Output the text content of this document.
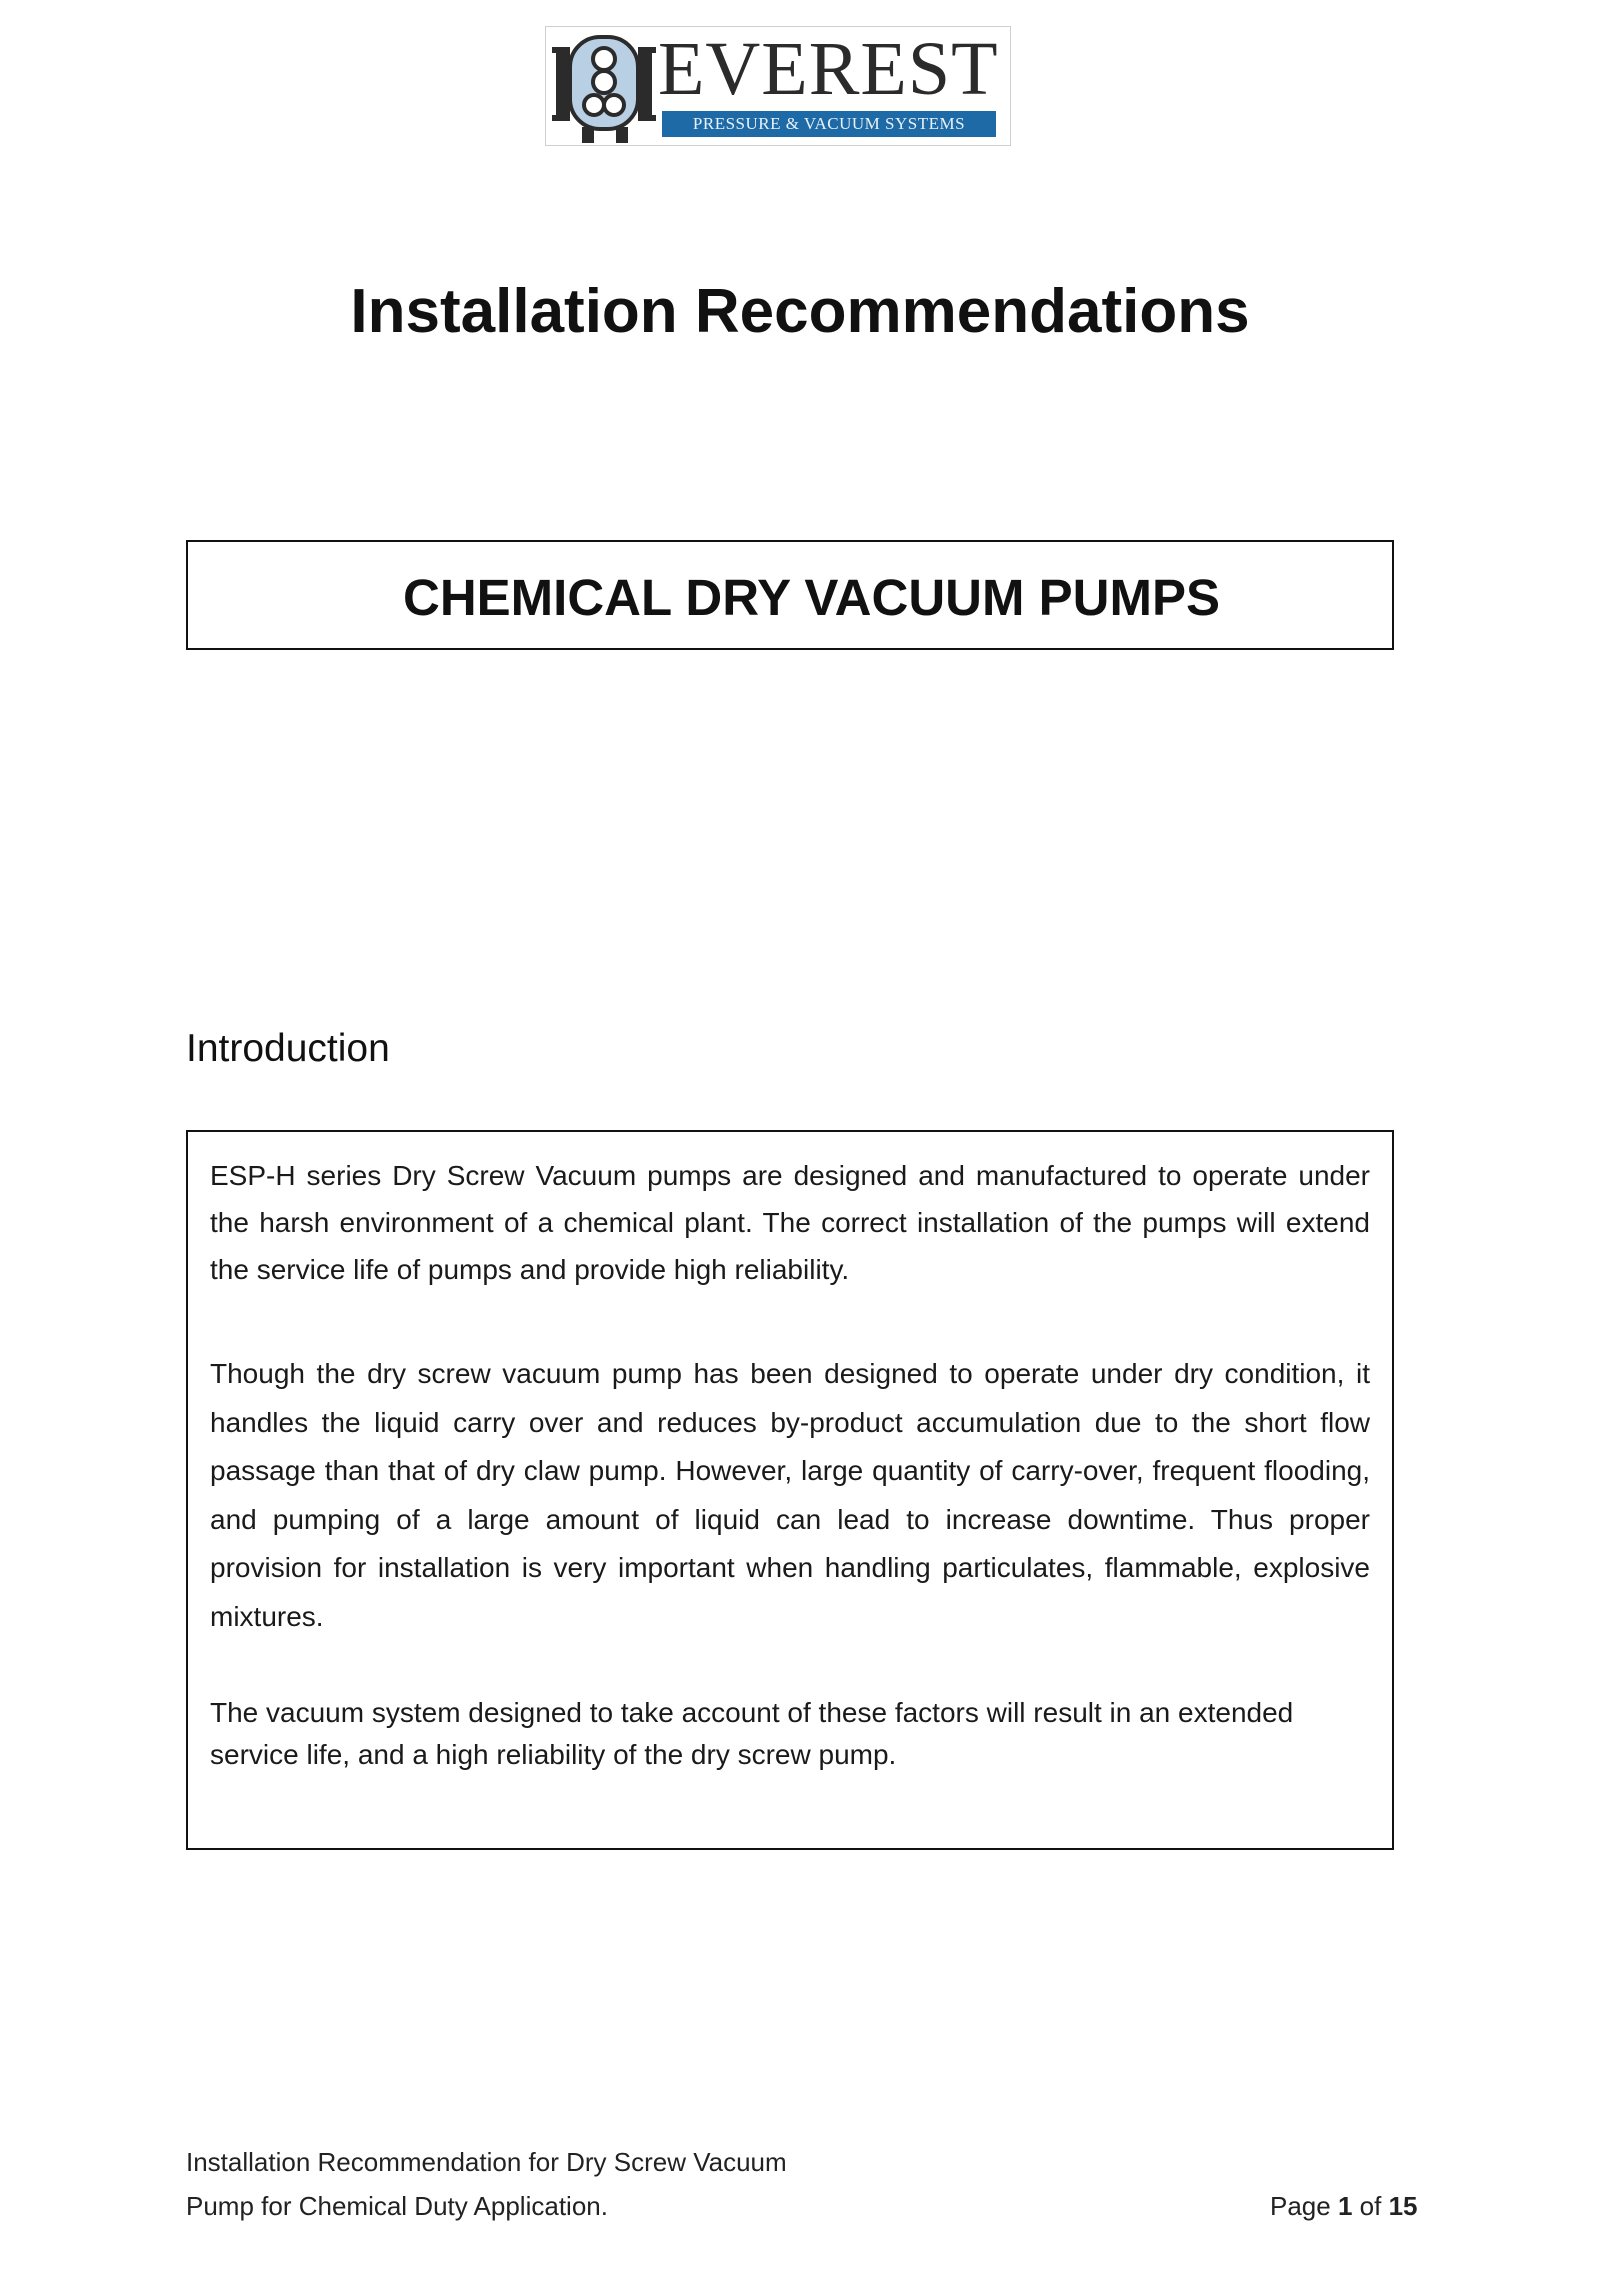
EVEREST
PRESSURE & VACUUM SYSTEMS
Installation Recommendations
CHEMICAL DRY VACUUM PUMPS
Introduction

ESP-H series Dry Screw Vacuum pumps are designed and manufactured to operate under the harsh environment of a chemical plant. The correct installation of the pumps will extend the service life of pumps and provide high reliability.

Though the dry screw vacuum pump has been designed to operate under dry condition, it handles the liquid carry over and reduces by-product accumulation due to the short flow passage than that of dry claw pump. However, large quantity of carry-over, frequent flooding, and pumping of a large amount of liquid can lead to increase downtime. Thus proper provision for installation is very important when handling particulates, flammable, explosive mixtures.

The vacuum system designed to take account of these factors will result in an extended service life, and a high reliability of the dry screw pump.

Installation Recommendation for Dry Screw Vacuum
Pump for Chemical Duty Application.	Page 1 of 15
